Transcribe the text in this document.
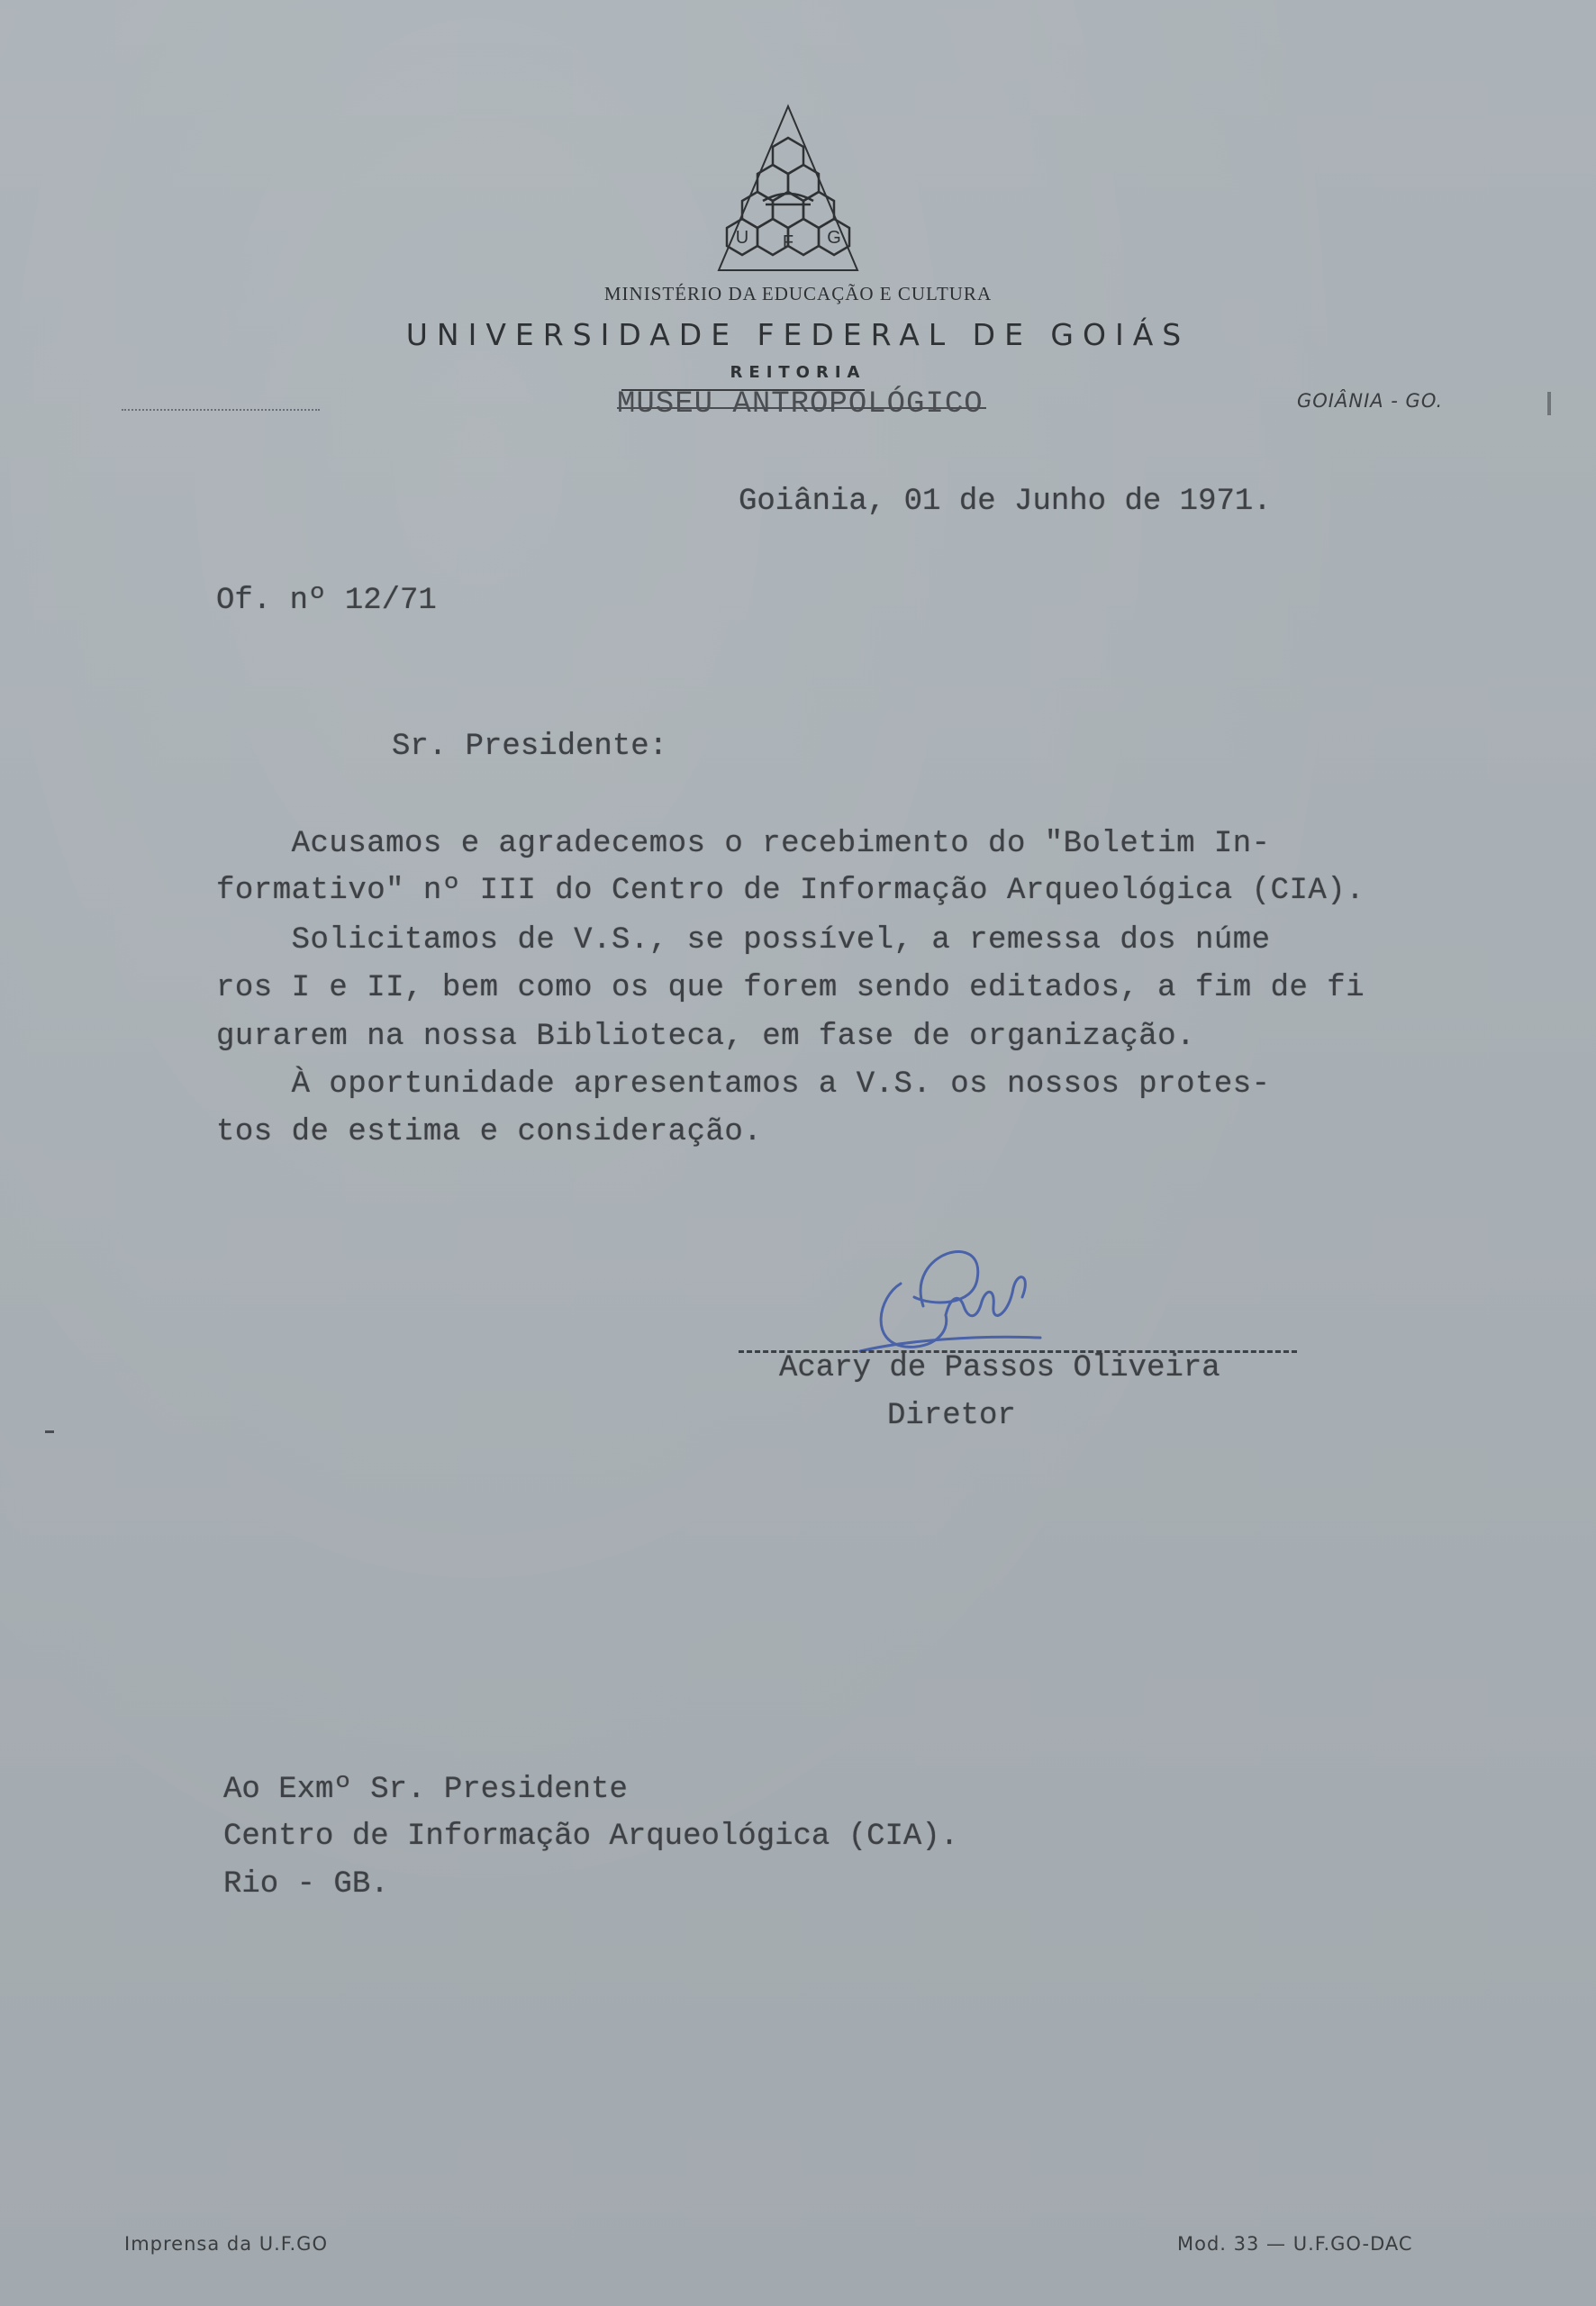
U F G
MINISTÉRIO DA EDUCAÇÃO E CULTURA
UNIVERSIDADE FEDERAL DE GOIÁS
REITORIA
MUSEU ANTROPOLÓGICO	GOIÂNIA - GO.
Goiânia, 01 de Junho de 1971.
Of. nº 12/71
Sr. Presidente:
Acusamos e agradecemos o recebimento do "Boletim In-
formativo" nº III do Centro de Informação Arqueológica (CIA).
Solicitamos de V.S., se possível, a remessa dos núme
ros I e II, bem como os que forem sendo editados, a fim de fi
gurarem na nossa Biblioteca, em fase de organização.
À oportunidade apresentamos a V.S. os nossos protes-
tos de estima e consideração.
Acary de Passos Oliveira
Diretor
Ao Exmº Sr. Presidente
Centro de Informação Arqueológica (CIA).
Rio - GB.
Imprensa da U.F.GO	Mod. 33 — U.F.GO-DAC
